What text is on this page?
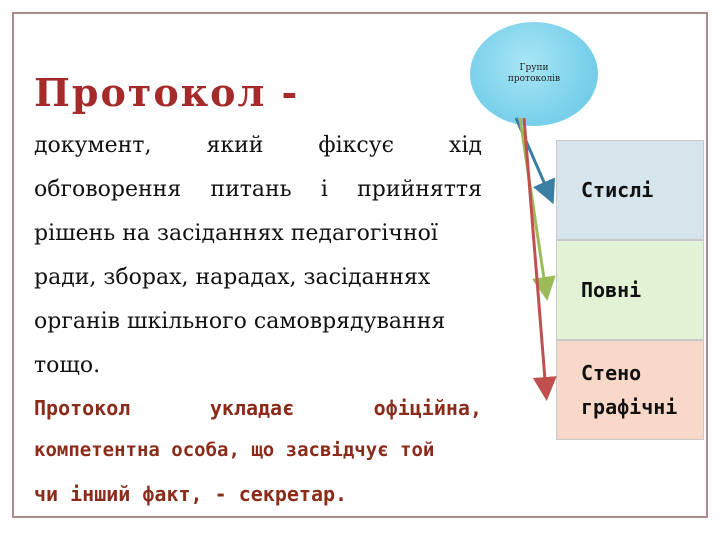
Протокол -
Групи
протоколів
документ, який фіксує хід
обговорення питань і прийняття
рішень на засіданнях педагогічної
ради, зборах, нарадах, засіданнях
органів шкільного самоврядування
тощо.
Протокол	укладає	офіційна,
компетентна особа, що засвідчує той
чи інший факт, - секретар.
Стислі
Повні
Стено
графічні
